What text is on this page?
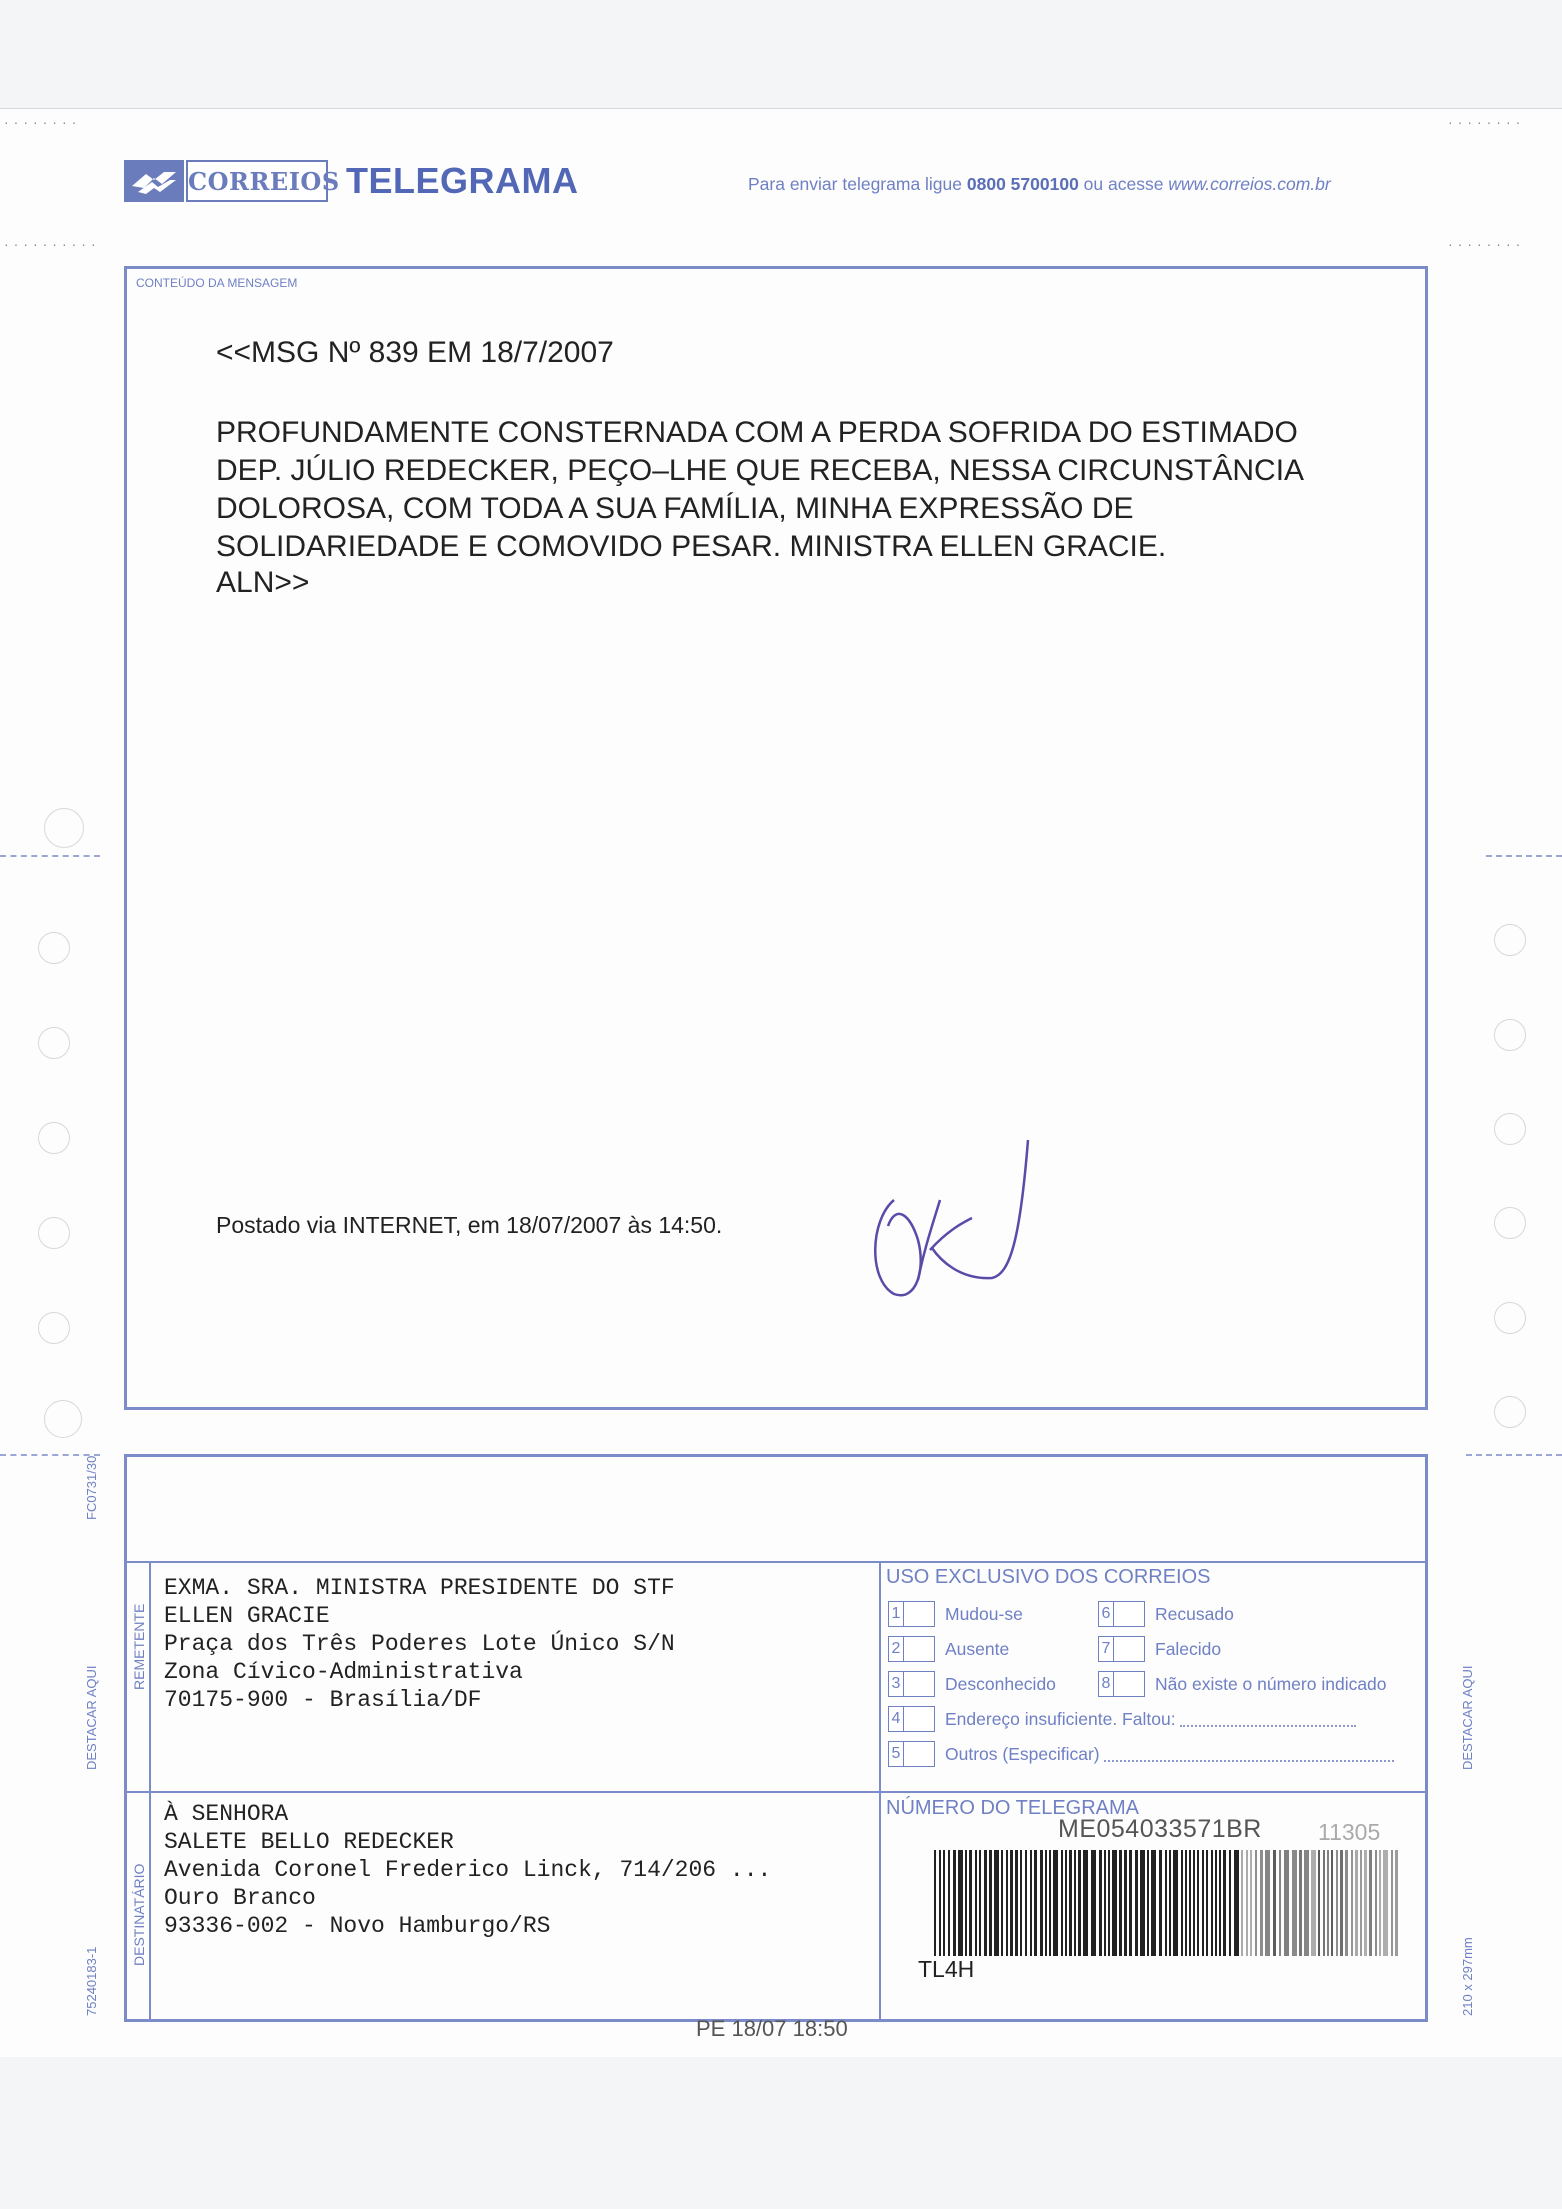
········
··········
········
········
CORREIOS TELEGRAMA	Para enviar telegrama ligue 0800 5700100 ou acesse www.correios.com.br
CONTEÚDO DA MENSAGEM
<<MSG Nº 839 EM 18/7/2007
PROFUNDAMENTE CONSTERNADA COM A PERDA SOFRIDA DO ESTIMADO
DEP. JÚLIO REDECKER, PEÇO–LHE QUE RECEBA, NESSA CIRCUNSTÂNCIA
DOLOROSA, COM TODA A SUA FAMÍLIA, MINHA EXPRESSÃO DE
SOLIDARIEDADE E COMOVIDO PESAR. MINISTRA ELLEN GRACIE.
ALN>>
Postado via INTERNET, em 18/07/2007 às 14:50.
REMETENTE
DESTINATÁRIO
EXMA. SRA. MINISTRA PRESIDENTE DO STF
ELLEN GRACIE
Praça dos Três Poderes Lote Único S/N
Zona Cívico-Administrativa
70175-900 - Brasília/DF
À SENHORA
SALETE BELLO REDECKER
Avenida Coronel Frederico Linck, 714/206 ...
Ouro Branco
93336-002 - Novo Hamburgo/RS
USO EXCLUSIVO DOS CORREIOS
1	Mudou-se	6	Recusado
2	Ausente	7	Falecido
3	Desconhecido	8	Não existe o número indicado
4	Endereço insuficiente. Faltou:
5	Outros (Especificar)
NÚMERO DO TELEGRAMA
ME054033571BR 11305
TL4H
PE 18/07 18:50
FC0731/30
DESTACAR AQUI	DESTACAR AQUI
75240183-1	210 x 297mm
